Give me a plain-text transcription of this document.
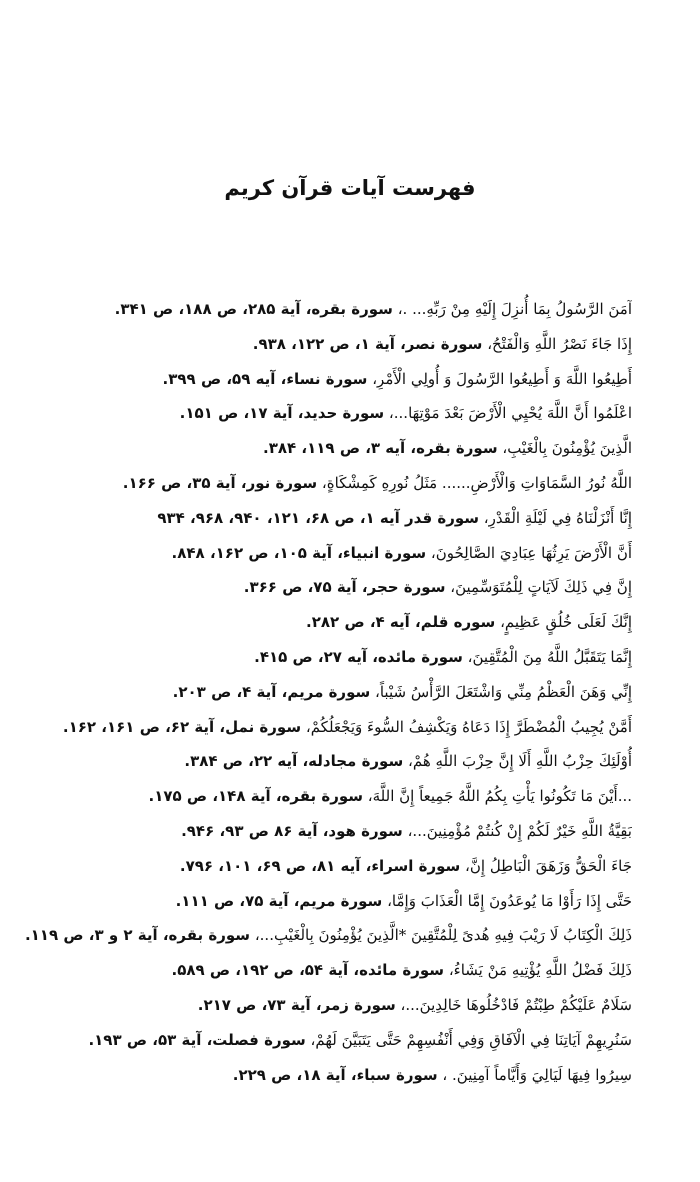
فهرست آيات قرآن كريم
آمَنَ الرَّسُولُ بِمَا أُنزِلَ إِلَيْهِ مِنْ رَبِّهِ... .، سورة بقره، آية ۲۸۵، ص ۱۸۸، ص ۳۴۱.
إِذَا جَاءَ نَصْرُ اللَّهِ وَالْفَتْحُ، سورة نصر، آية ۱، ص ۱۲۲، ۹۳۸.
أَطِيعُوا اللَّهَ وَ أَطِيعُوا الرَّسُولَ وَ أُولِي الْأَمْرِ، سورة نساء، آيه ۵۹، ص ۳۹۹.
اعْلَمُوا أَنَّ اللَّهَ يُحْيِي الْأَرْضَ بَعْدَ مَوْتِهَا...، سورة حديد، آية ۱۷، ص ۱۵۱.
الَّذِينَ يُؤْمِنُونَ بِالْغَيْبِ، سورة بقره، آيه ۳، ص ۱۱۹، ۳۸۴.
اللَّهُ نُورُ السَّمَاوَاتِ وَالْأَرْضِ...... مَثَلُ نُورِهِ كَمِشْكَاةٍ، سورة نور، آية ۳۵، ص ۱۶۶.
إِنَّا أَنْزَلْنَاهُ فِي لَيْلَةِ الْقَدْرِ، سورة قدر آيه ۱، ص ۶۸، ۱۲۱، ۹۴۰، ۹۶۸، ۹۳۴
أَنَّ الْأَرْضَ يَرِثُهَا عِبَادِيَ الصَّالِحُونَ، سورة انبياء، آية ۱۰۵، ص ۱۶۲، ۸۴۸.
إِنَّ فِي ذَلِكَ لَآيَاتٍ لِلْمُتَوَسِّمِينَ، سورة حجر، آية ۷۵، ص ۳۶۶.
إِنَّكَ لَعَلَى خُلُقٍ عَظِيمٍ، سوره قلم، آيه ۴، ص ۲۸۲.
إِنَّمَا يَتَقَبَّلُ اللَّهُ مِنَ الْمُتَّقِينَ، سورة مائده، آيه ۲۷، ص ۴۱۵.
إِنِّي وَهَنَ الْعَظْمُ مِنِّي وَاشْتَعَلَ الرَّأْسُ شَيْباً، سورة مريم، آية ۴، ص ۲۰۳.
أَمَّنْ يُجِيبُ الْمُضْطَرَّ إِذَا دَعَاهُ وَيَكْشِفُ السُّوءَ وَيَجْعَلُكُمْ، سورة نمل، آية ۶۲، ص ۱۶۱، ۱۶۲.
أُوْلَئِكَ حِزْبُ اللَّهِ أَلَا إِنَّ حِزْبَ اللَّهِ هُمْ، سورة مجادله، آيه ۲۲، ص ۳۸۴.
...أَيْنَ مَا تَكُونُوا يَأْتِ بِكُمُ اللَّهُ جَمِيعاً إِنَّ اللَّهَ، سورة بقره، آية ۱۴۸، ص ۱۷۵.
بَقِيَّةُ اللَّهِ خَيْرٌ لَكُمْ إِنْ كُنتُمْ مُؤْمِنِينَ...، سورة هود، آية ۸۶ ص ۹۳، ۹۴۶.
جَاءَ الْحَقُّ وَزَهَقَ الْبَاطِلُ إِنَّ، سورة اسراء، آيه ۸۱، ص ۶۹، ۱۰۱، ۷۹۶.
حَتَّى إِذَا رَأَوْا مَا يُوعَدُونَ إِمَّا الْعَذَابَ وَإِمَّا، سورة مريم، آية ۷۵، ص ۱۱۱.
ذَلِكَ الْكِتَابُ لَا رَيْبَ فِيهِ هُدىً لِلْمُتَّقِينَ *الَّذِينَ يُؤْمِنُونَ بِالْغَيْبِ...، سورة بقره، آية ۲ و ۳، ص ۱۱۹.
ذَلِكَ فَضْلُ اللَّهِ يُؤْتِيهِ مَنْ يَشَاءُ، سورة مائده، آية ۵۴، ص ۱۹۲، ص ۵۸۹.
سَلَامٌ عَلَيْكُمْ طِبْتُمْ فَادْخُلُوهَا خَالِدِينَ...، سورة زمر، آية ۷۳، ص ۲۱۷.
سَنُرِيهِمْ آيَاتِنَا فِي الْآفَاقِ وَفِي أَنْفُسِهِمْ حَتَّى يَتَبَيَّنَ لَهُمْ، سورة فصلت، آية ۵۳، ص ۱۹۳.
سِيرُوا فِيهَا لَيَالِيَ وَأَيَّاماً آمِنِينَ. ، سورة سباء، آية ۱۸، ص ۲۲۹.
